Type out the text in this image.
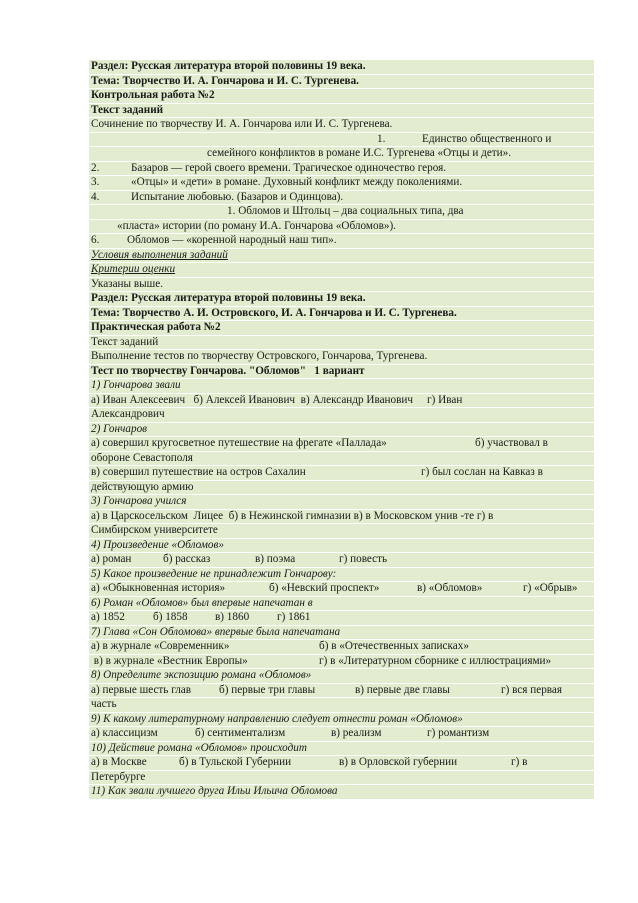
Раздел: Русская литература второй половины 19 века.
Тема: Творчество И. А. Гончарова и И. С. Тургенева.
Контрольная работа №2
Текст заданий
Сочинение по творчеству И. А. Гончарова или И. С. Тургенева.
1.	Единство общественного и
семейного конфликтов в романе И.С. Тургенева «Отцы и дети».
2.	Базаров — герой своего времени. Трагическое одиночество героя.
3.	«Отцы» и «дети» в романе. Духовный конфликт между поколениями.
4.	Испытание любовью. (Базаров и Одинцова).
1. Обломов и Штольц – два социальных типа, два
«пласта» истории (по роману И.А. Гончарова «Обломов»).
6.	Обломов — «коренной народный наш тип».
Условия выполнения заданий
Критерии оценки
Указаны выше.
Раздел: Русская литература второй половины 19 века.
Тема: Творчество А. И. Островского, И. А. Гончарова и И. С. Тургенева.
Практическая работа №2
Текст заданий
Выполнение тестов по творчеству Островского, Гончарова, Тургенева.
Тест по творчеству Гончарова. "Обломов"   1 вариант
1) Гончарова звали
а) Иван Алексеевич   б) Алексей Иванович  в) Александр Иванович     г) Иван
Александрович
2) Гончаров
а) совершил кругосветное путешествие на фрегате «Паллада»	б) участвовал в
обороне Севастополя
в) совершил путешествие на остров Сахалин	г) был сослан на Кавказ в
действующую армию
3) Гончарова учился
а) в Царскосельском  Лицее  б) в Нежинской гимназии в) в Московском унив -те г) в
Симбирском университете
4) Произведение «Обломов»
а) роман	б) рассказ	в) поэма	г) повесть
5) Какое произведение не принадлежит Гончарову:
а) «Обыкновенная история»	б) «Невский проспект»	в) «Обломов»	г) «Обрыв»
6) Роман «Обломов» был впервые напечатан в
а) 1852	б) 1858	в) 1860	г) 1861
7) Глава «Сон Обломова» впервые была напечатана
а) в журнале «Современник»	б) в «Отечественных записках»
в) в журнале «Вестник Европы»	г) в «Литературном сборнике с иллюстрациями»
8) Определите экспозицию романа «Обломов»
а) первые шесть глав	б) первые три главы	в) первые две главы	г) вся первая
часть
9) К какому литературному направлению следует отнести роман «Обломов»
а) классицизм	б) сентиментализм	в) реализм	г) романтизм
10) Действие романа «Обломов» происходит
а) в Москве	б) в Тульской Губернии	в) в Орловской губернии	г) в
Петербурге
11) Как звали лучшего друга Ильи Ильича Обломова
